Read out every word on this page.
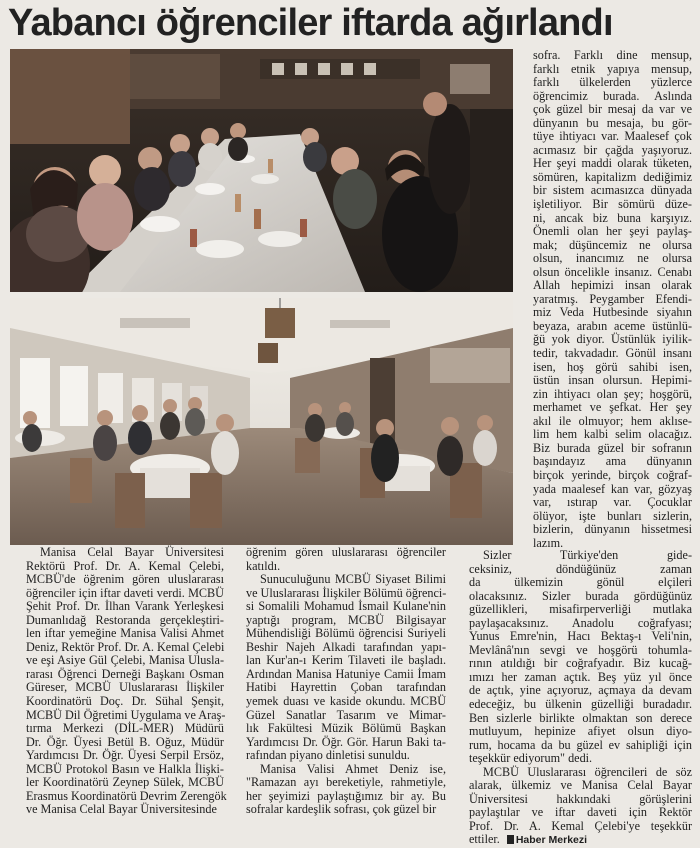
Yabancı öğrenciler iftarda ağırlandı

Manisa Celal Bayar Üniversitesi
Rektörü Prof. Dr. A. Kemal Çelebi,
MCBÜ'de öğrenim gören uluslararası
öğrenciler için iftar daveti verdi. MCBÜ
Şehit Prof. Dr. İlhan Varank Yerleşkesi
Dumanlıdağ Restoranda gerçekleştiri-
len iftar yemeğine Manisa Valisi Ahmet
Deniz, Rektör Prof. Dr. A. Kemal Çelebi
ve eşi Asiye Gül Çelebi, Manisa Ulusla-
rarası Öğrenci Derneği Başkanı Osman
Güreser, MCBÜ Uluslararası İlişkiler
Koordinatörü Doç. Dr. Sühal Şenşit,
MCBÜ Dil Öğretimi Uygulama ve Araş-
tırma Merkezi (DİL-MER) Müdürü
Dr. Öğr. Üyesi Betül B. Oğuz, Müdür
Yardımcısı Dr. Öğr. Üyesi Serpil Ersöz,
MCBÜ Protokol Basın ve Halkla İlişki-
ler Koordinatörü Zeynep Sülek, MCBÜ
Erasmus Koordinatörü Devrim Zerengök
ve Manisa Celal Bayar Üniversitesinde

öğrenim gören uluslararası öğrenciler
katıldı.
Sunuculuğunu MCBÜ Siyaset Bilimi
ve Uluslararası İlişkiler Bölümü öğrenci-
si Somalili Mohamud İsmail Kulane'nin
yaptığı program, MCBÜ Bilgisayar
Mühendisliği Bölümü öğrencisi Suriyeli
Beshir Najeh Alkadi tarafından yapı-
lan Kur'an-ı Kerim Tilaveti ile başladı.
Ardından Manisa Hatuniye Camii İmam
Hatibi Hayrettin Çoban tarafından
yemek duası ve kaside okundu. MCBÜ
Güzel Sanatlar Tasarım ve Mimar-
lık Fakültesi Müzik Bölümü Başkan
Yardımcısı Dr. Öğr. Gör. Harun Baki ta-
rafından piyano dinletisi sunuldu.
Manisa Valisi Ahmet Deniz ise,
"Ramazan ayı bereketiyle, rahmetiyle,
her şeyimizi paylaştığımız bir ay. Bu
sofralar kardeşlik sofrası, çok güzel bir

sofra. Farklı dine mensup,
farklı etnik yapıya mensup,
farklı ülkelerden yüzlerce
öğrencimiz burada. Aslında
çok güzel bir mesaj da var ve
dünyanın bu mesaja, bu gör-
tüye ihtiyacı var. Maalesef çok
acımasız bir çağda yaşıyoruz.
Her şeyi maddi olarak tüketen,
sömüren, kapitalizm dediğimiz
bir sistem acımasızca dünyada
işletiliyor. Bir sömürü düze-
ni, ancak biz buna karşıyız.
Önemli olan her şeyi paylaş-
mak; düşüncemiz ne olursa
olsun, inancımız ne olursa
olsun öncelikle insanız. Cenabı
Allah hepimizi insan olarak
yaratmış. Peygamber Efendi-
miz Veda Hutbesinde siyahın
beyaza, arabın aceme üstünlü-
ğü yok diyor. Üstünlük iyilik-
tedir, takvadadır. Gönül insanı
isen, hoş görü sahibi isen,
üstün insan olursun. Hepimi-
zin ihtiyacı olan şey; hoşgörü,
merhamet ve şefkat. Her şey
akıl ile olmuyor; hem aklıse-
lim hem kalbi selim olacağız.
Biz burada güzel bir sofranın
başındayız ama dünyanın
birçok yerinde, birçok coğraf-
yada maalesef kan var, gözyaş
var, ıstırap var. Çocuklar
ölüyor, işte bunları sizlerin,
bizlerin, dünyanın hissetmesi
lazım.

Sizler Türkiye'den gide-
ceksiniz, döndüğünüz zaman
da ülkemizin gönül elçileri
olacaksınız. Sizler burada gördüğünüz
güzellikleri, misafirperverliği mutlaka
paylaşacaksınız. Anadolu coğrafyası;
Yunus Emre'nin, Hacı Bektaş-ı Veli'nin,
Mevlânâ'nın sevgi ve hoşgörü tohumla-
rının atıldığı bir coğrafyadır. Biz kucağ-
ımızı her zaman açtık. Beş yüz yıl önce
de açtık, yine açıyoruz, açmaya da devam
edeceğiz, bu ülkenin güzelliği buradadır.
Ben sizlerle birlikte olmaktan son derece
mutluyum, hepinize afiyet olsun diyo-
rum, hocama da bu güzel ev sahipliği için
teşekkür ediyorum" dedi.
MCBÜ Uluslararası öğrencileri de söz
alarak, ülkemiz ve Manisa Celal Bayar
Üniversitesi hakkındaki görüşlerini
paylaştılar ve iftar daveti için Rektör
Prof. Dr. A. Kemal Çelebi'ye teşekkür
ettiler. Haber Merkezi
